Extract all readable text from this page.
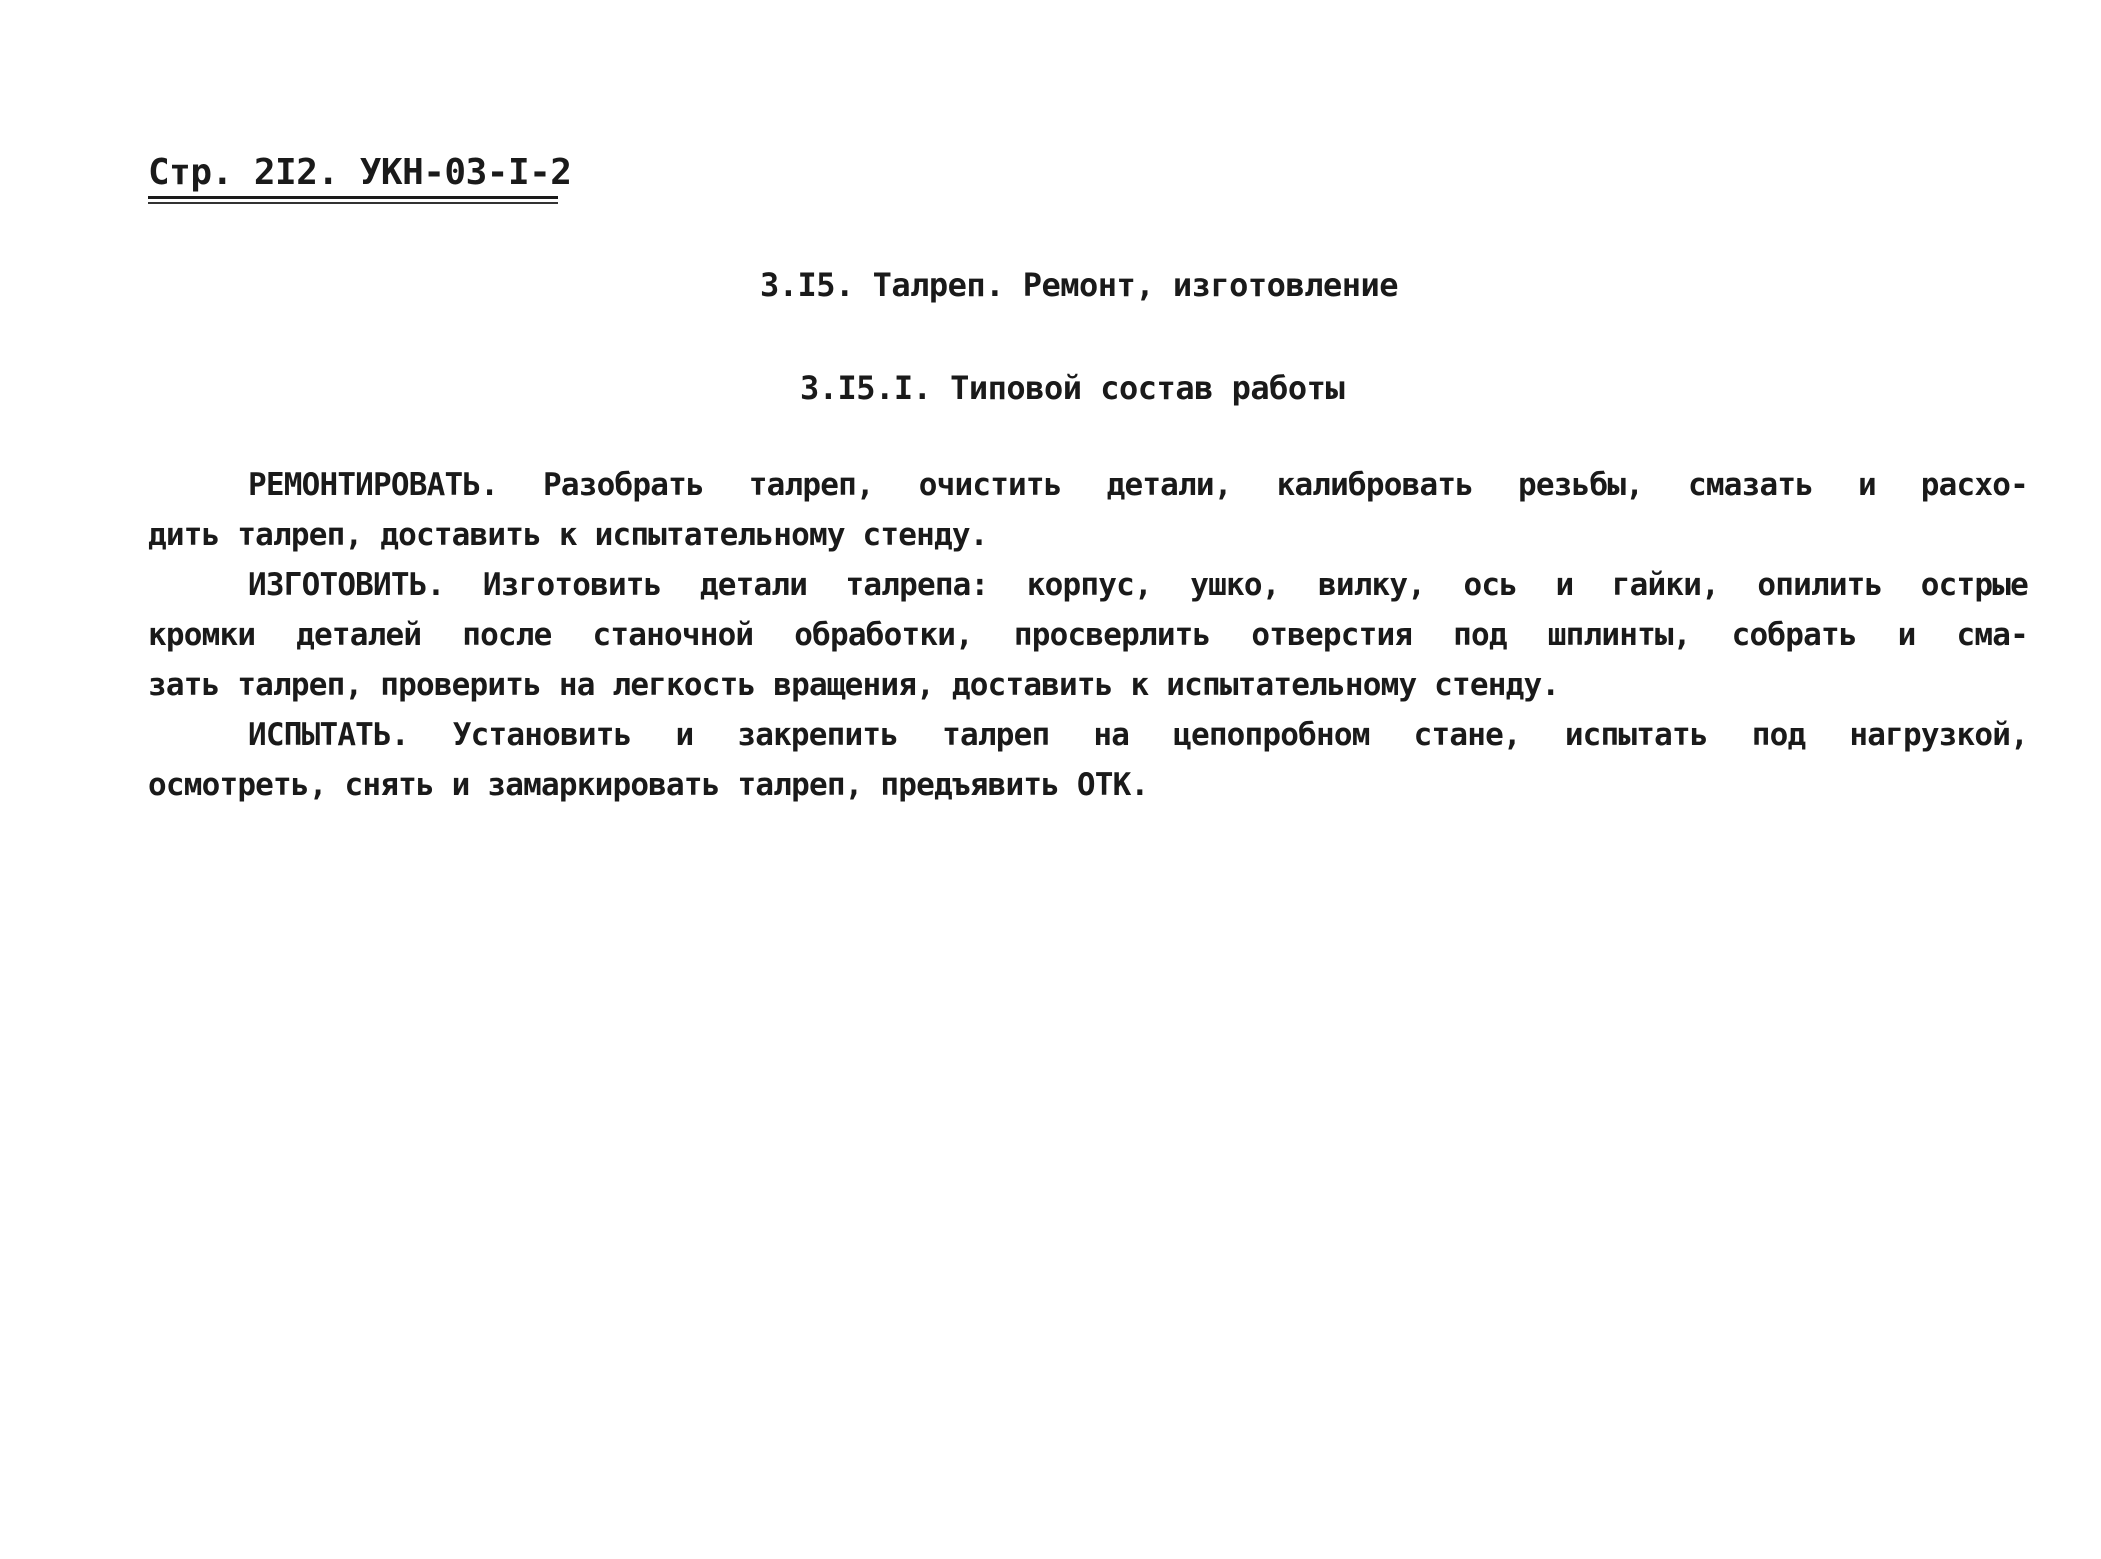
Стр. 2I2. УКН-03-I-2
3.I5. Талреп. Ремонт, изготовление
3.I5.I. Типовой состав работы
РЕМОНТИРОВАТЬ. Разобрать талреп, очистить детали, калибровать резьбы, смазать и расхо-
дить талреп, доставить к испытательному стенду.
ИЗГОТОВИТЬ. Изготовить детали талрепа: корпус, ушко, вилку, ось и гайки, опилить острые
кромки деталей после станочной обработки, просверлить отверстия под шплинты, собрать и сма-
зать талреп, проверить на легкость вращения, доставить к испытательному стенду.
ИСПЫТАТЬ. Установить и закрепить талреп на цепопробном стане, испытать под нагрузкой,
осмотреть, снять и замаркировать талреп, предъявить ОТК.
